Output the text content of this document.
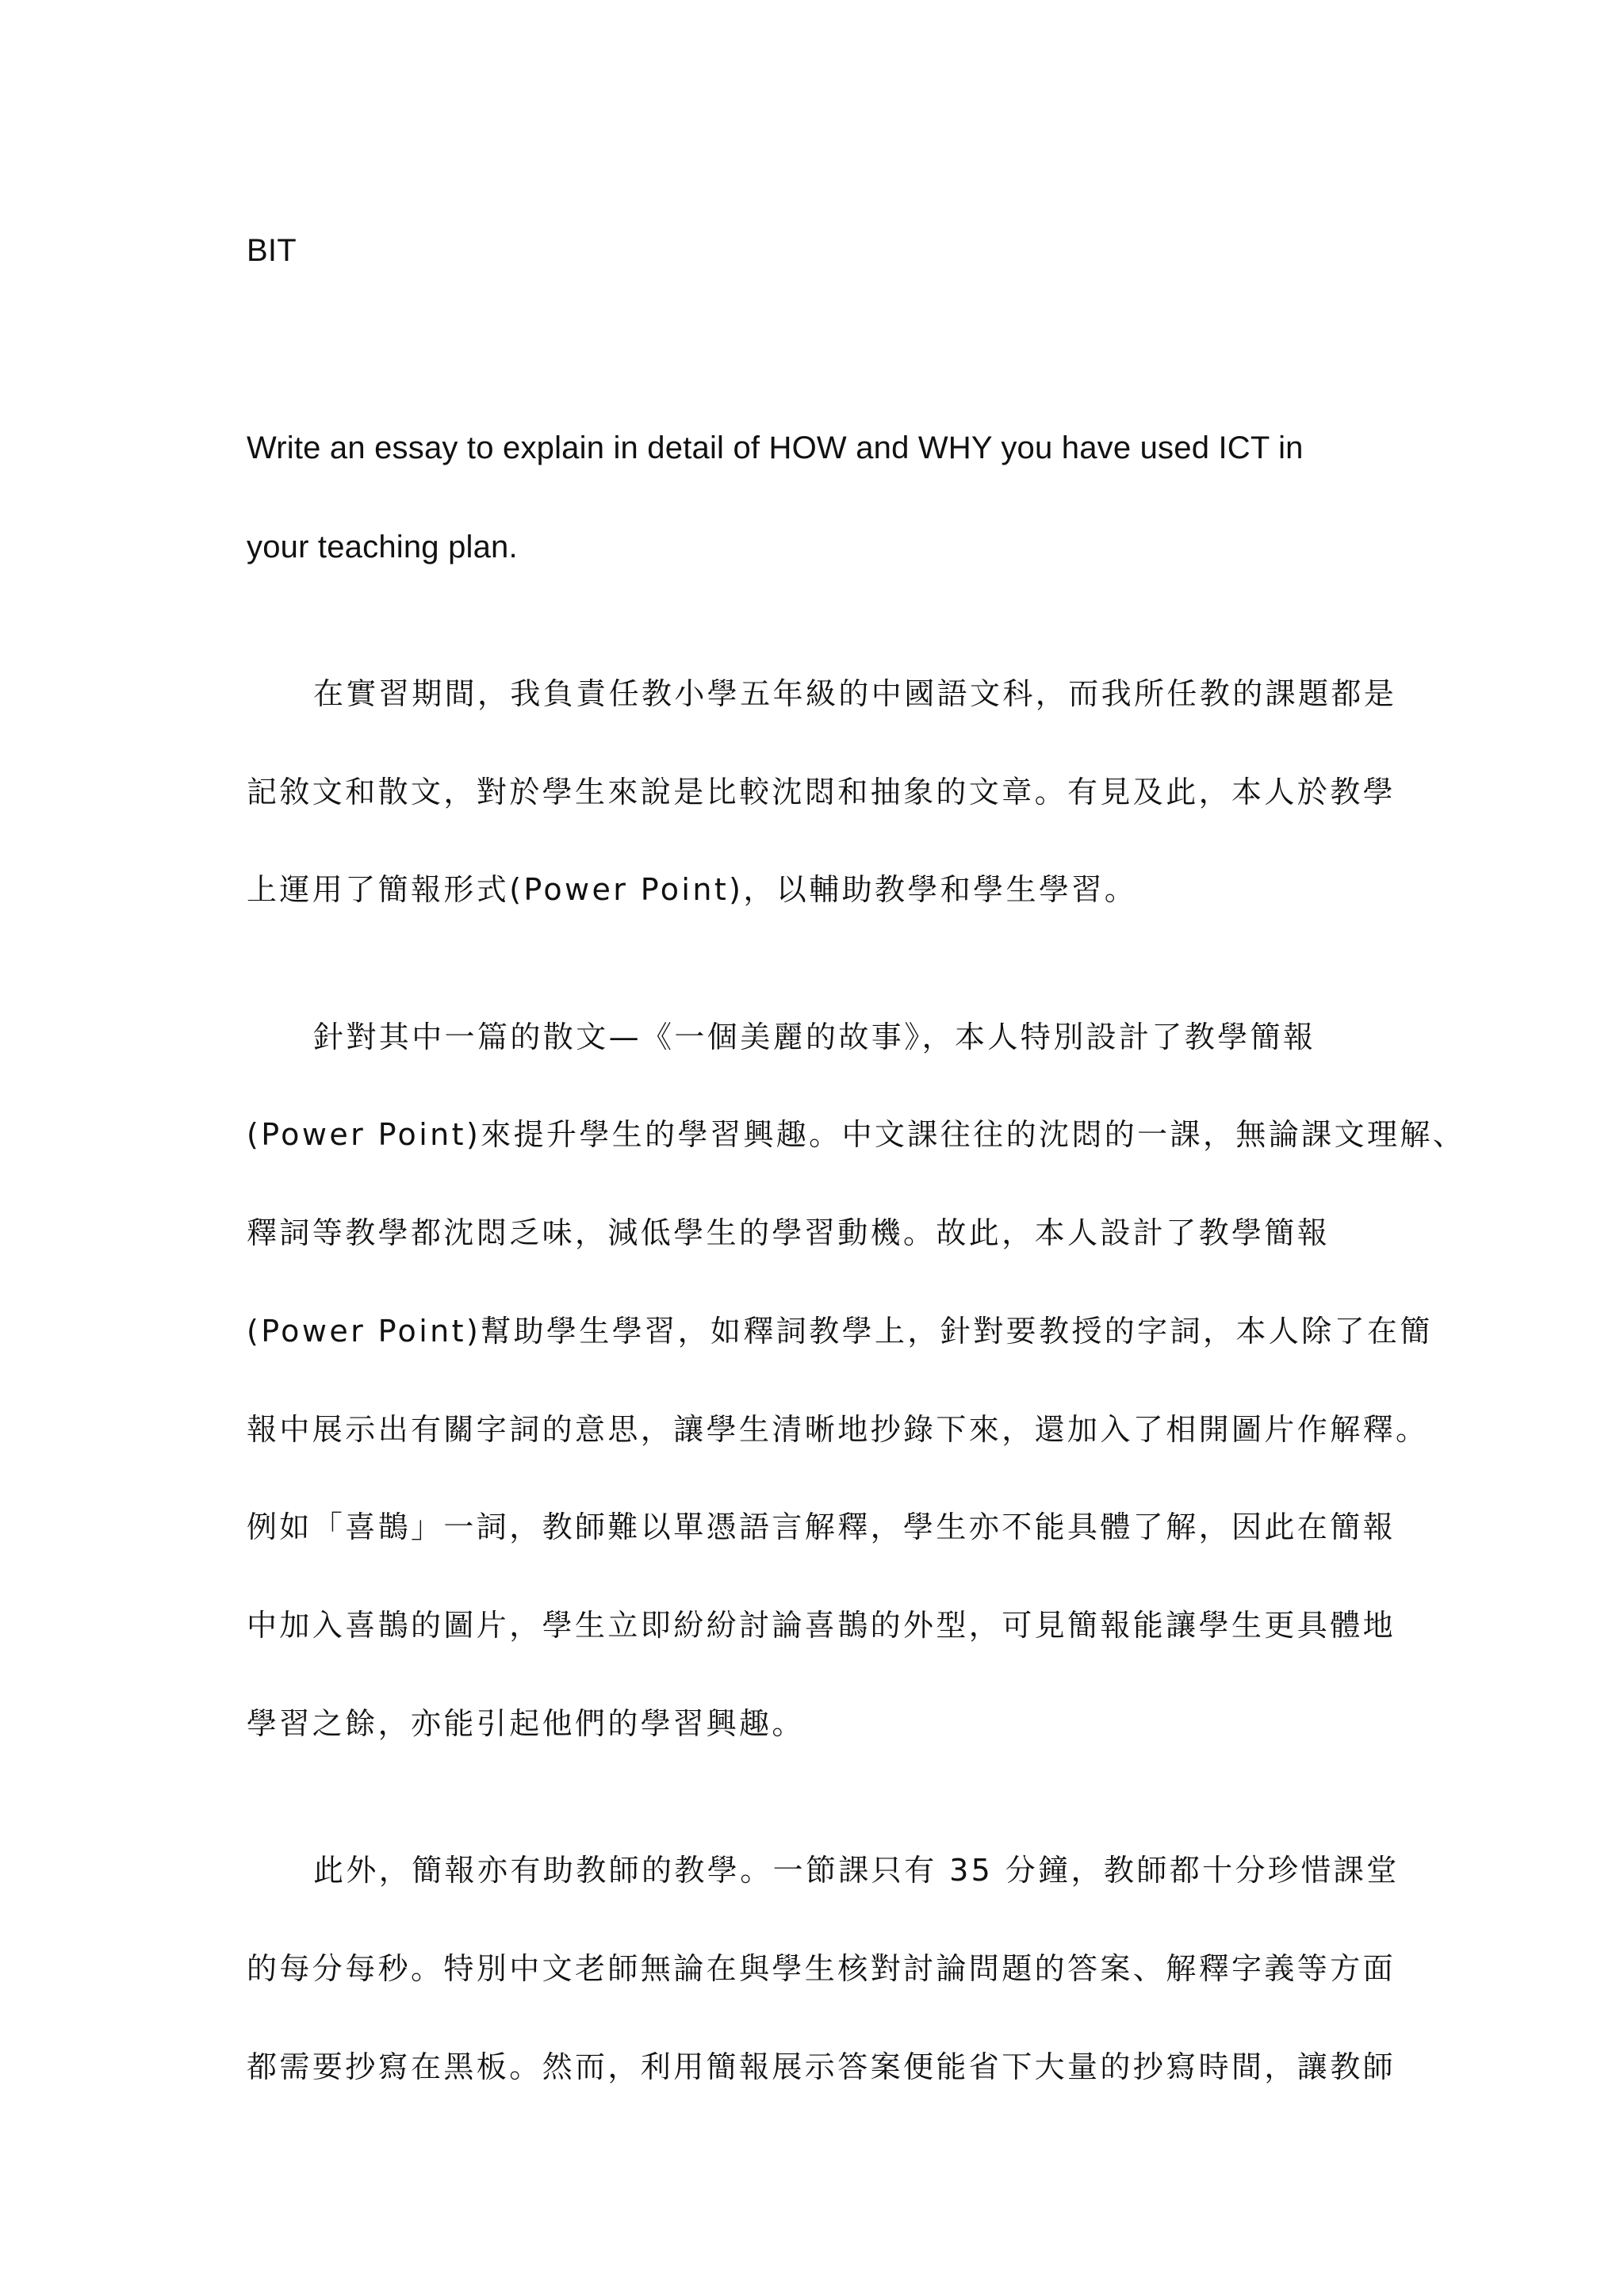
BIT
Write an essay to explain in detail of HOW and WHY you have used ICT in
your teaching plan.
在實習期間，我負責任教小學五年級的中國語文科，而我所任教的課題都是
記敘文和散文，對於學生來說是比較沈悶和抽象的文章。有見及此，本人於教學
上運用了簡報形式(Power Point)，以輔助教學和學生學習。
針對其中一篇的散文—《一個美麗的故事》，本人特別設計了教學簡報
(Power Point)來提升學生的學習興趣。中文課往往的沈悶的一課，無論課文理解、
釋詞等教學都沈悶乏味，減低學生的學習動機。故此，本人設計了教學簡報
(Power Point)幫助學生學習，如釋詞教學上，針對要教授的字詞，本人除了在簡
報中展示出有關字詞的意思，讓學生清晰地抄錄下來，還加入了相開圖片作解釋。
例如「喜鵲」一詞，教師難以單憑語言解釋，學生亦不能具體了解，因此在簡報
中加入喜鵲的圖片，學生立即紛紛討論喜鵲的外型，可見簡報能讓學生更具體地
學習之餘，亦能引起他們的學習興趣。
此外，簡報亦有助教師的教學。一節課只有 35 分鐘，教師都十分珍惜課堂
的每分每秒。特別中文老師無論在與學生核對討論問題的答案、解釋字義等方面
都需要抄寫在黑板。然而，利用簡報展示答案便能省下大量的抄寫時間，讓教師
